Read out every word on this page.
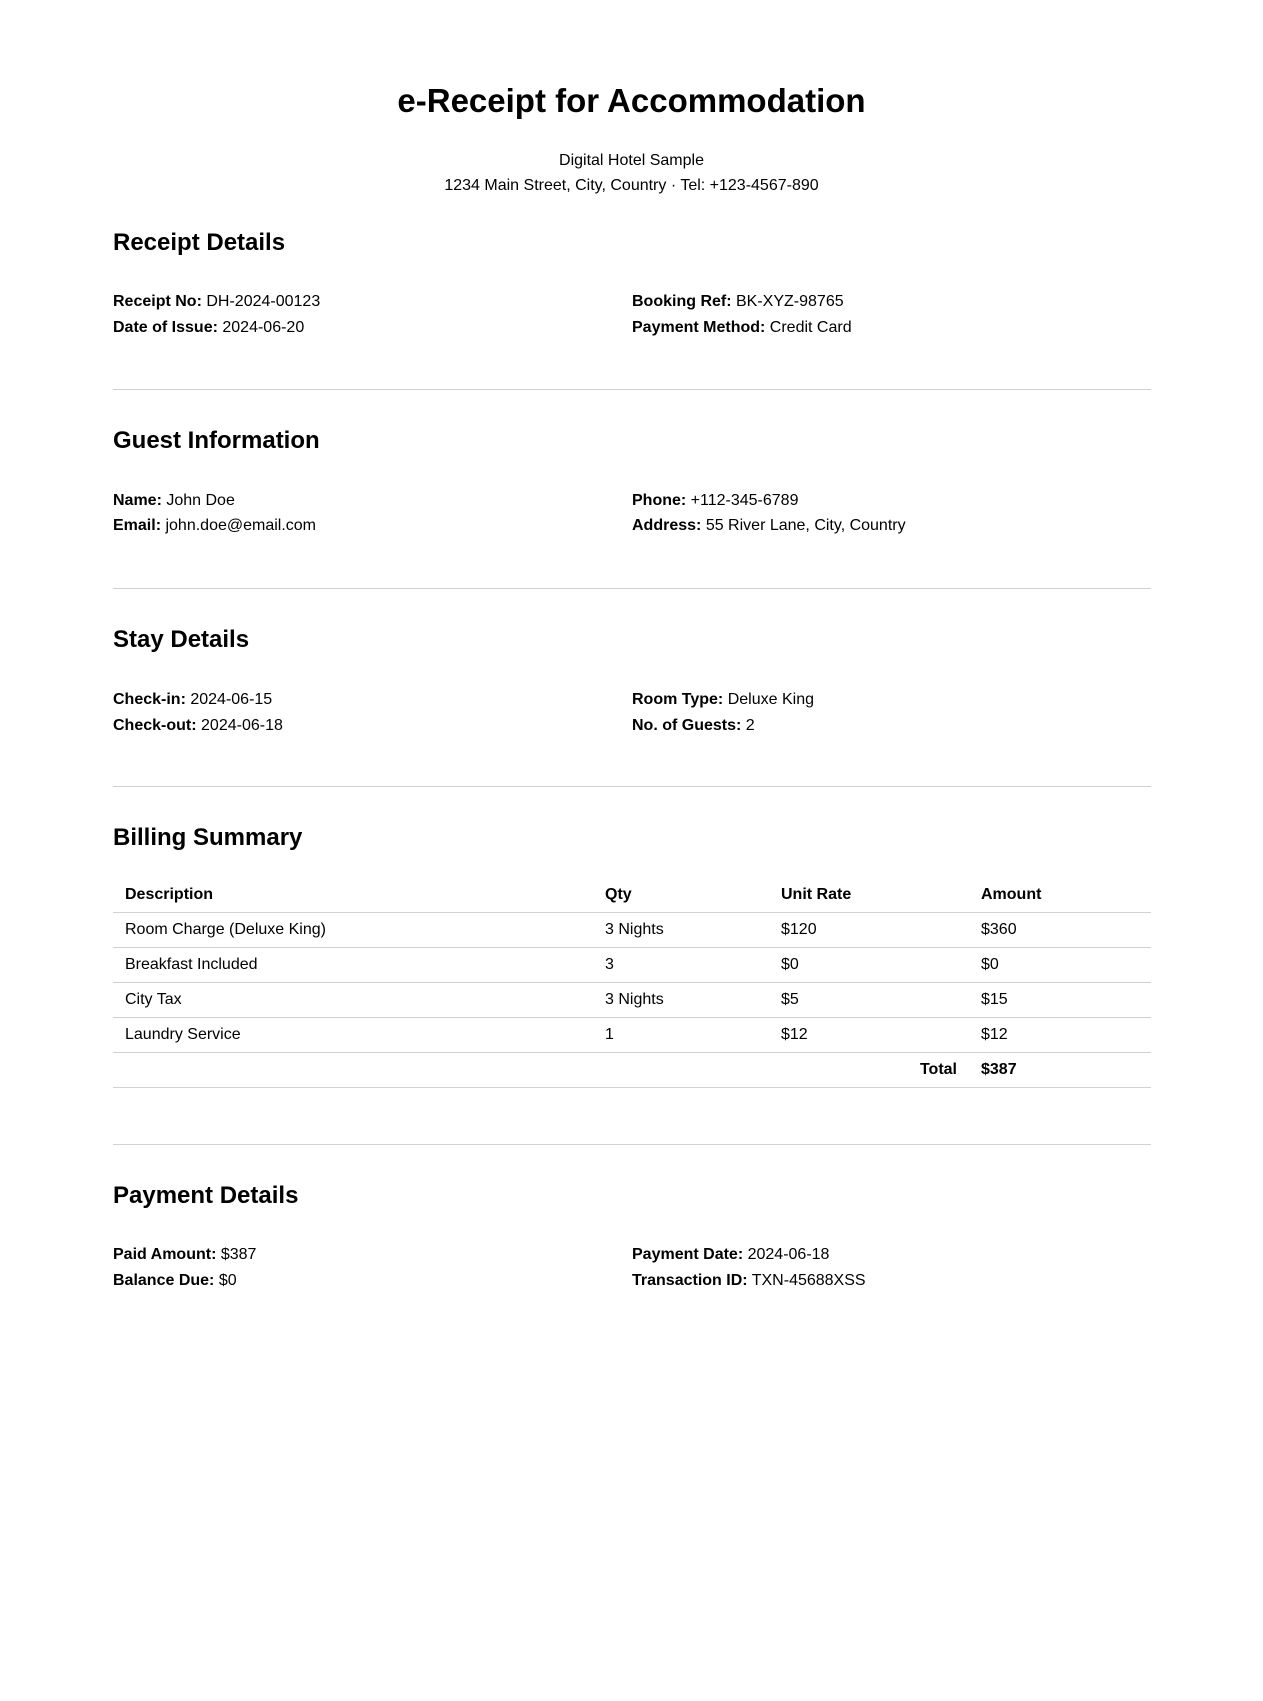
e-Receipt for Accommodation
Digital Hotel Sample
1234 Main Street, City, Country · Tel: +123-4567-890
Receipt Details
Receipt No: DH-2024-00123
Date of Issue: 2024-06-20
Booking Ref: BK-XYZ-98765
Payment Method: Credit Card
Guest Information
Name: John Doe
Email: john.doe@email.com
Phone: +112-345-6789
Address: 55 River Lane, City, Country
Stay Details
Check-in: 2024-06-15
Check-out: 2024-06-18
Room Type: Deluxe King
No. of Guests: 2
Billing Summary
Description	Qty	Unit Rate	Amount
Room Charge (Deluxe King)	3 Nights	$120	$360
Breakfast Included	3	$0	$0
City Tax	3 Nights	$5	$15
Laundry Service	1	$12	$12
Total			$387
Payment Details
Paid Amount: $387
Balance Due: $0
Payment Date: 2024-06-18
Transaction ID: TXN-45688XSS
